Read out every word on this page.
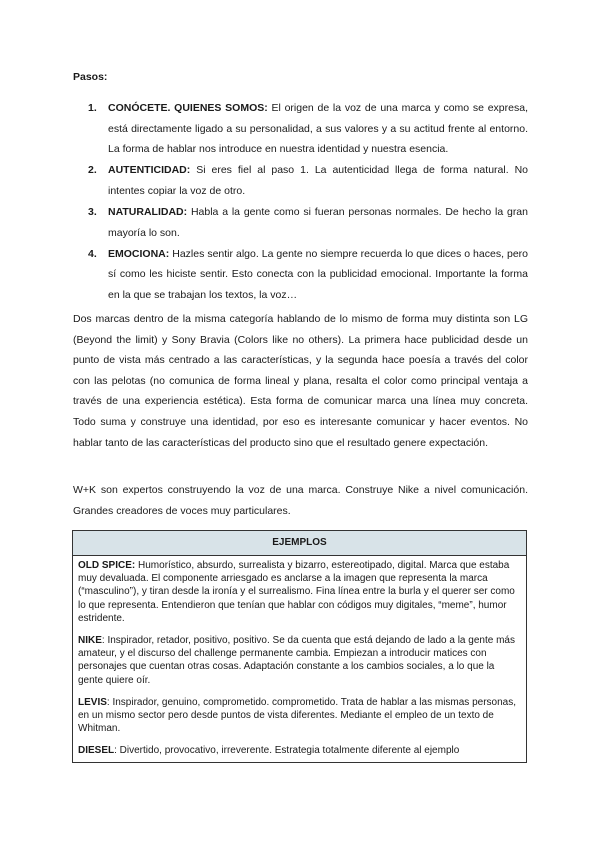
Pasos:
1. CONÓCETE. QUIENES SOMOS: El origen de la voz de una marca y como se expresa, está directamente ligado a su personalidad, a sus valores y a su actitud frente al entorno. La forma de hablar nos introduce en nuestra identidad y nuestra esencia.
2. AUTENTICIDAD: Si eres fiel al paso 1. La autenticidad llega de forma natural. No intentes copiar la voz de otro.
3. NATURALIDAD: Habla a la gente como si fueran personas normales. De hecho la gran mayoría lo son.
4. EMOCIONA: Hazles sentir algo. La gente no siempre recuerda lo que dices o haces, pero sí como les hiciste sentir. Esto conecta con la publicidad emocional. Importante la forma en la que se trabajan los textos, la voz…

Dos marcas dentro de la misma categoría hablando de lo mismo de forma muy distinta son LG (Beyond the limit) y Sony Bravia (Colors like no others). La primera hace publicidad desde un punto de vista más centrado a las características, y la segunda hace poesía a través del color con las pelotas (no comunica de forma lineal y plana, resalta el color como principal ventaja a través de una experiencia estética). Esta forma de comunicar marca una línea muy concreta. Todo suma y construye una identidad, por eso es interesante comunicar y hacer eventos. No hablar tanto de las características del producto sino que el resultado genere expectación.

W+K son expertos construyendo la voz de una marca. Construye Nike a nivel comunicación. Grandes creadores de voces muy particulares.

EJEMPLOS

OLD SPICE: Humorístico, absurdo, surrealista y bizarro, estereotipado, digital. Marca que estaba muy devaluada. El componente arriesgado es anclarse a la imagen que representa la marca (“masculino”), y tiran desde la ironía y el surrealismo. Fina línea entre la burla y el querer ser como lo que representa. Entendieron que tenían que hablar con códigos muy digitales, “meme”, humor estridente.

NIKE: Inspirador, retador, positivo, positivo. Se da cuenta que está dejando de lado a la gente más amateur, y el discurso del challenge permanente cambia. Empiezan a introducir matices con personajes que cuentan otras cosas. Adaptación constante a los cambios sociales, a lo que la gente quiere oír.

LEVIS: Inspirador, genuino, comprometido. comprometido. Trata de hablar a las mismas personas, en un mismo sector pero desde puntos de vista diferentes. Mediante el empleo de un texto de Whitman.

DIESEL: Divertido, provocativo, irreverente. Estrategia totalmente diferente al ejemplo
